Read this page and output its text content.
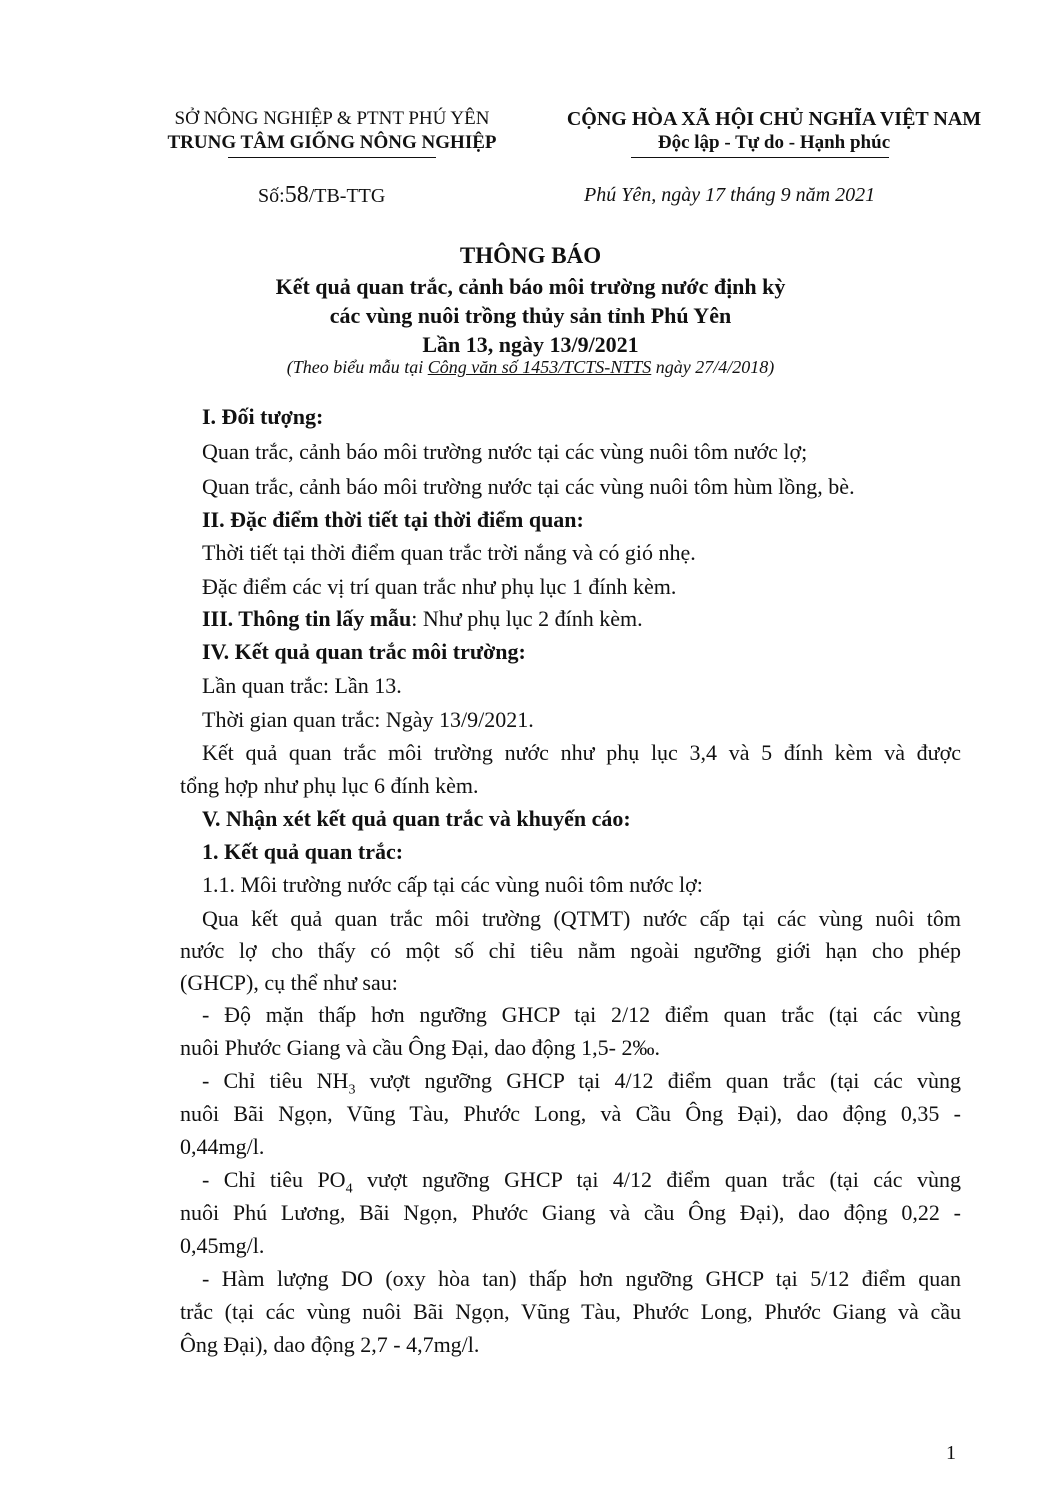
SỞ NÔNG NGHIỆP & PTNT PHÚ YÊN
TRUNG TÂM GIỐNG NÔNG NGHIỆP
CỘNG HÒA XÃ HỘI CHỦ NGHĨA VIỆT NAM
Độc lập - Tự do - Hạnh phúc
Số:58/TB-TTG	Phú Yên, ngày 17 tháng 9 năm 2021
THÔNG BÁO
Kết quả quan trắc, cảnh báo môi trường nước định kỳ
các vùng nuôi trồng thủy sản tỉnh Phú Yên
Lần 13, ngày 13/9/2021
(Theo biểu mẫu tại Công văn số 1453/TCTS-NTTS ngày 27/4/2018)
I. Đối tượng:
Quan trắc, cảnh báo môi trường nước tại các vùng nuôi tôm nước lợ;
Quan trắc, cảnh báo môi trường nước tại các vùng nuôi tôm hùm lồng, bè.
II. Đặc điểm thời tiết tại thời điểm quan:
Thời tiết tại thời điểm quan trắc trời nắng và có gió nhẹ.
Đặc điểm các vị trí quan trắc như phụ lục 1 đính kèm.
III. Thông tin lấy mẫu: Như phụ lục 2 đính kèm.
IV. Kết quả quan trắc môi trường:
Lần quan trắc: Lần 13.
Thời gian quan trắc: Ngày 13/9/2021.
Kết quả quan trắc môi trường nước như phụ lục 3,4 và 5 đính kèm và được
tổng hợp như phụ lục 6 đính kèm.
V. Nhận xét kết quả quan trắc và khuyến cáo:
1. Kết quả quan trắc:
1.1. Môi trường nước cấp tại các vùng nuôi tôm nước lợ:
Qua kết quả quan trắc môi trường (QTMT) nước cấp tại các vùng nuôi tôm
nước lợ cho thấy có một số chỉ tiêu nằm ngoài ngưỡng giới hạn cho phép
(GHCP), cụ thể như sau:
- Độ mặn thấp hơn ngưỡng GHCP tại 2/12 điểm quan trắc (tại các vùng
nuôi Phước Giang và cầu Ông Đại, dao động 1,5- 2‰.
- Chỉ tiêu $NH_3$ vượt ngưỡng GHCP tại 4/12 điểm quan trắc (tại các vùng
nuôi Bãi Ngọn, Vũng Tàu, Phước Long, và Cầu Ông Đại), dao động 0,35 -
0,44mg/l.
- Chỉ tiêu $PO_4$ vượt ngưỡng GHCP tại 4/12 điểm quan trắc (tại các vùng
nuôi Phú Lương, Bãi Ngọn, Phước Giang và cầu Ông Đại), dao động 0,22 -
0,45mg/l.
- Hàm lượng DO (oxy hòa tan) thấp hơn ngưỡng GHCP tại 5/12 điểm quan
trắc (tại các vùng nuôi Bãi Ngọn, Vũng Tàu, Phước Long, Phước Giang và cầu
Ông Đại), dao động 2,7 - 4,7mg/l.
1
